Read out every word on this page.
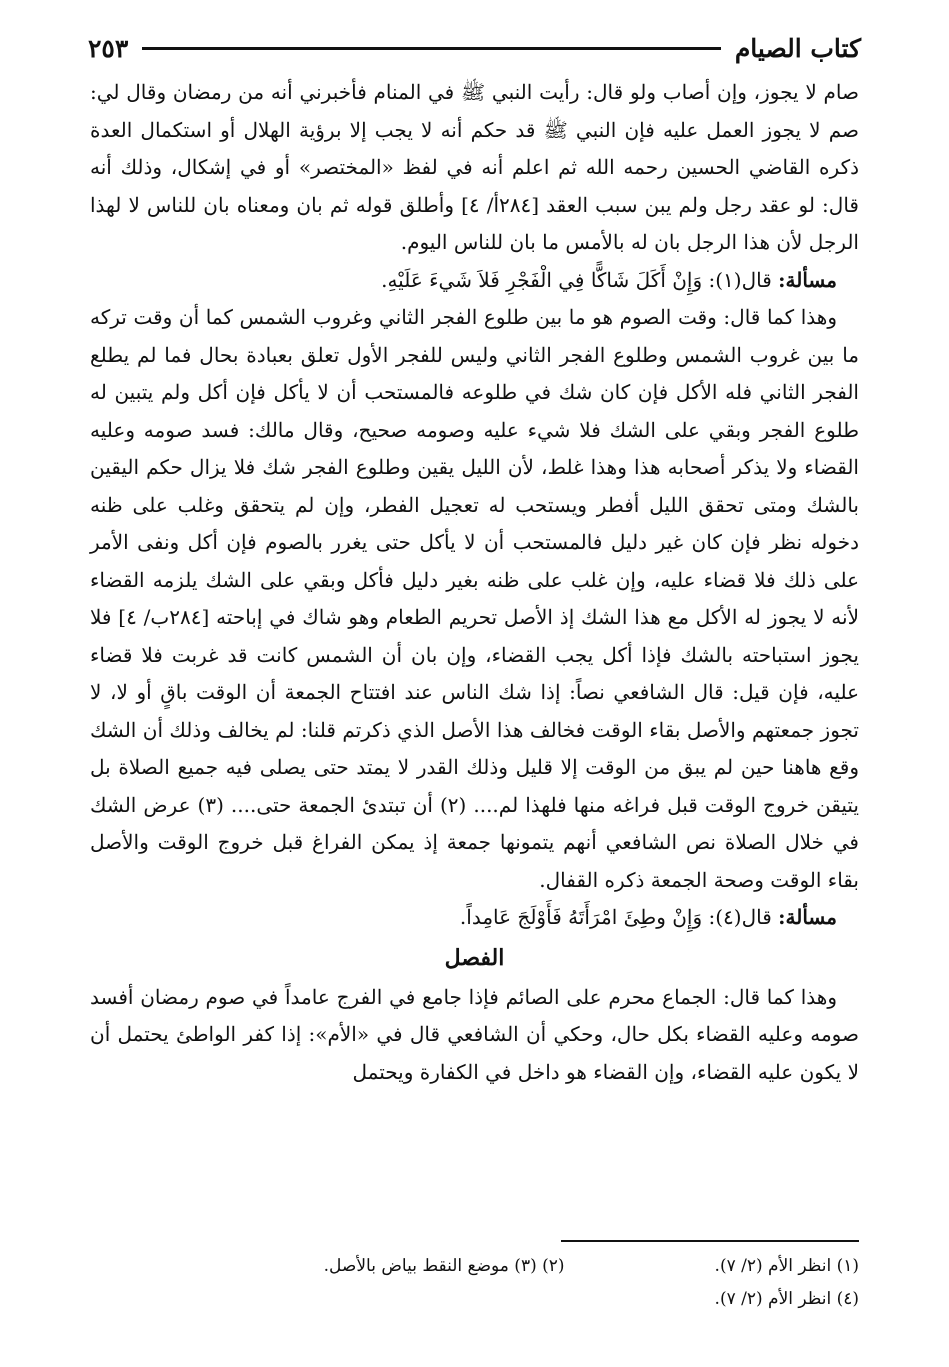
كتاب الصيام
٢٥٣

صام لا يجوز، وإن أصاب ولو قال: رأيت النبي ﷺ في المنام فأخبرني أنه من رمضان وقال لي: صم لا يجوز العمل عليه فإن النبي ﷺ قد حكم أنه لا يجب إلا برؤية الهلال أو استكمال العدة ذكره القاضي الحسين رحمه الله ثم اعلم أنه في لفظ «المختصر» أو في إشكال، وذلك أنه قال: لو عقد رجل ولم يبن سبب العقد [٢٨٤أ/ ٤] وأطلق قوله ثم بان ومعناه بان للناس لا لهذا الرجل لأن هذا الرجل بان له بالأمس ما بان للناس اليوم.

مسألة: قال(١): وَإِنْ أَكَلَ شَاكًّا فِي الْفَجْرِ فَلاَ شَيءَ عَلَيْهِ.

وهذا كما قال: وقت الصوم هو ما بين طلوع الفجر الثاني وغروب الشمس كما أن وقت تركه ما بين غروب الشمس وطلوع الفجر الثاني وليس للفجر الأول تعلق بعبادة بحال فما لم يطلع الفجر الثاني فله الأكل فإن كان شك في طلوعه فالمستحب أن لا يأكل فإن أكل ولم يتبين له طلوع الفجر وبقي على الشك فلا شيء عليه وصومه صحيح، وقال مالك: فسد صومه وعليه القضاء ولا يذكر أصحابه هذا وهذا غلط، لأن الليل يقين وطلوع الفجر شك فلا يزال حكم اليقين بالشك ومتى تحقق الليل أفطر ويستحب له تعجيل الفطر، وإن لم يتحقق وغلب على ظنه دخوله نظر فإن كان غير دليل فالمستحب أن لا يأكل حتى يغرر بالصوم فإن أكل ونفى الأمر على ذلك فلا قضاء عليه، وإن غلب على ظنه بغير دليل فأكل وبقي على الشك يلزمه القضاء لأنه لا يجوز له الأكل مع هذا الشك إذ الأصل تحريم الطعام وهو شاك في إباحته [٢٨٤ب/ ٤] فلا يجوز استباحته بالشك فإذا أكل يجب القضاء، وإن بان أن الشمس كانت قد غربت فلا قضاء عليه، فإن قيل: قال الشافعي نصاً: إذا شك الناس عند افتتاح الجمعة أن الوقت باقٍ أو لا، لا تجوز جمعتهم والأصل بقاء الوقت فخالف هذا الأصل الذي ذكرتم قلنا: لم يخالف وذلك أن الشك وقع هاهنا حين لم يبق من الوقت إلا قليل وذلك القدر لا يمتد حتى يصلى فيه جميع الصلاة بل يتيقن خروج الوقت قبل فراغه منها فلهذا لم.... (٢) أن تبتدئ الجمعة حتى.... (٣) عرض الشك في خلال الصلاة نص الشافعي أنهم يتمونها جمعة إذ يمكن الفراغ قبل خروج الوقت والأصل بقاء الوقت وصحة الجمعة ذكره القفال.

مسألة: قال(٤): وَإِنْ وطِئَ امْرَأَتَهُ فَأَوْلَجَ عَامِداً.

الفصل

وهذا كما قال: الجماع محرم على الصائم فإذا جامع في الفرج عامداً في صوم رمضان أفسد صومه وعليه القضاء بكل حال، وحكي أن الشافعي قال في «الأم»: إذا كفر الواطئ يحتمل أن لا يكون عليه القضاء، وإن القضاء هو داخل في الكفارة ويحتمل

(١) انظر الأم (٢/ ٧).
(٢) (٣) موضع النقط بياض بالأصل.
(٤) انظر الأم (٢/ ٧).
